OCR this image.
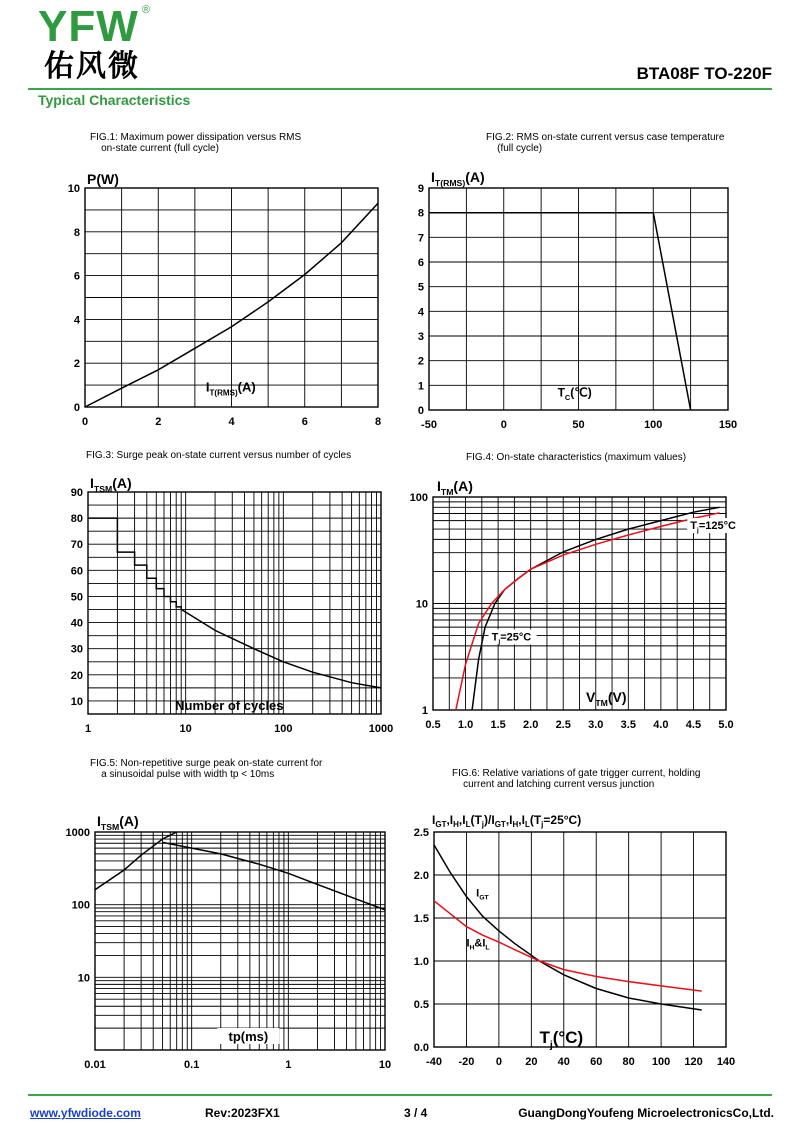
YFW ®
佑风微	BTA08F TO-220F
Typical Characteristics
FIG.1: Maximum power dissipation versus RMS
on-state current (full cycle)
FIG.2: RMS on-state current versus case temperature
(full cycle)
FIG.3: Surge peak on-state current versus number of cycles	FIG.4: On-state characteristics (maximum values)
FIG.5: Non-repetitive surge peak on-state current for
a sinusoidal pulse with width tp < 10ms	FIG.6: Relative variations of gate trigger current, holding
current and latching current versus junction
0	2	4	6	8
0
2
4
6
8
10
P(W)
$I_{T(RMS)}(A)$
-50	0	50	100	150
0
1
2
3
4
5
6
7
8
9
$I_{T(RMS)}(A)$
$T_C(℃)$
1	10	100	1000
10
20
30
40
50
60
70
80
90
$I_{TSM}(A)$
Number of cycles
0.5 1.0 1.5 2.0 2.5 3.0 3.5 4.0 4.5 5.0
1
10
100
$I_{TM}(A)$
$V_{TM}(V)$
$T_j=25^\circ C$
$T_j=125^\circ C$
0.01	0.1	1	10
10
100
1000
$I_{TSM}(A)$
tp(ms)
-40 -20 0 20 40 60 80 100 120 140
0.0
0.5
1.0
1.5
2.0
2.5
$I_{GT},I_H,I_L(T_j)/I_{GT},I_H,I_L(T_j=25^\circ C)$
$T_j(^\circ C)$
$I_{GT}$
$I_H\&I_L$
www.yfwdiode.com	Rev:2023FX1	3 / 4	GuangDongYoufeng MicroelectronicsCo,Ltd.
